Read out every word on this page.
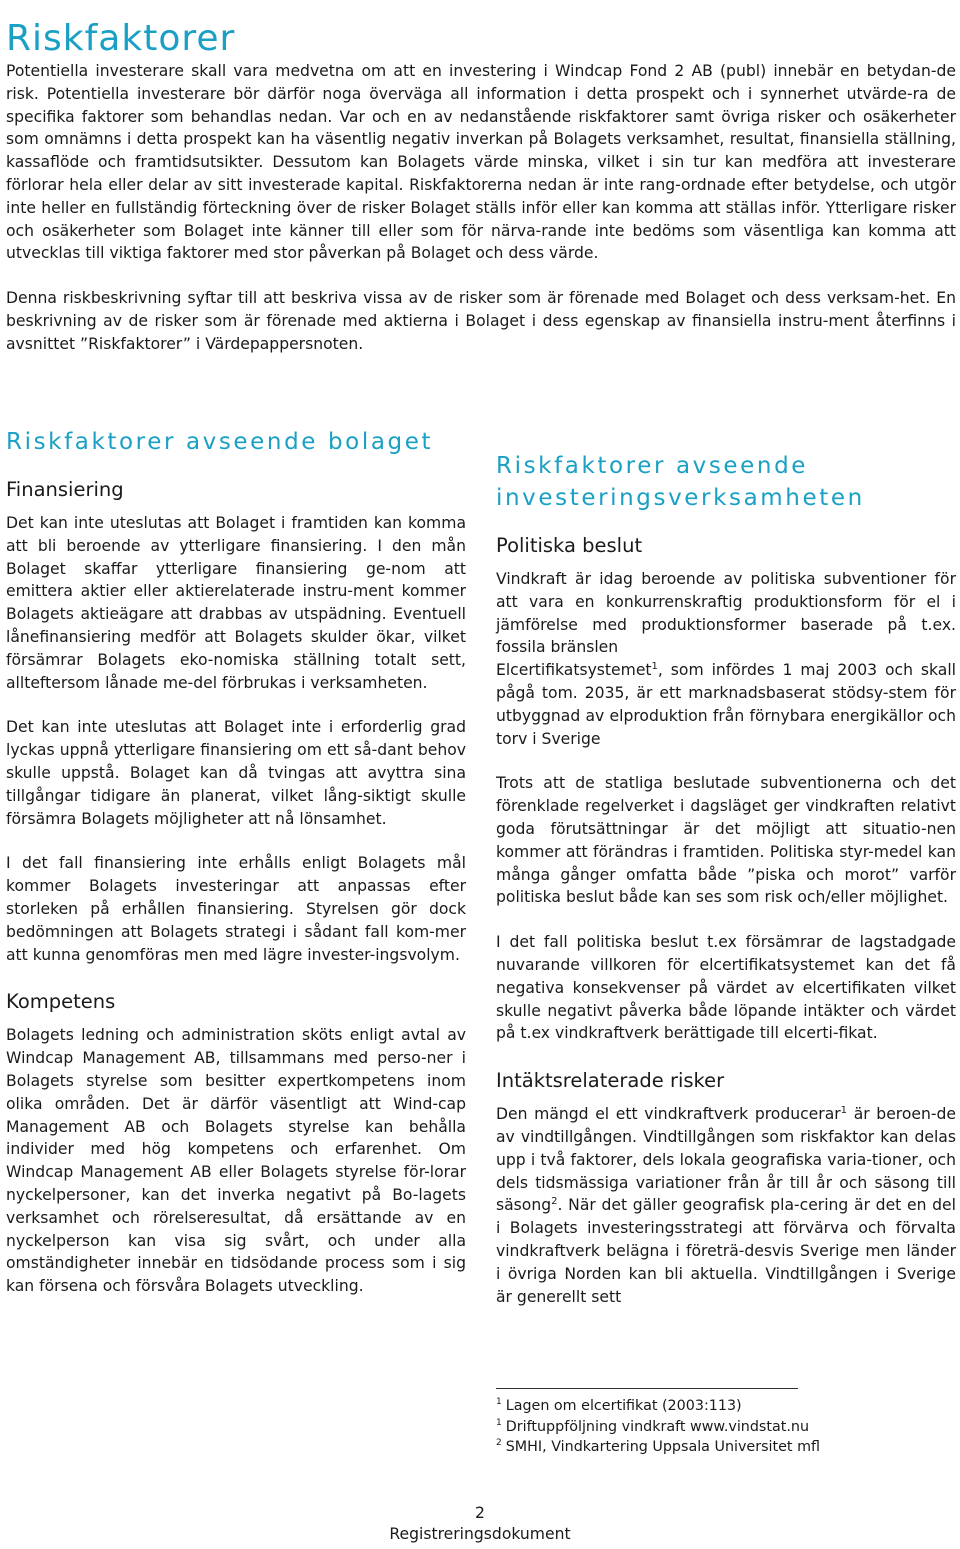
Riskfaktorer

Potentiella investerare skall vara medvetna om att en investering i Windcap Fond 2 AB (publ) innebär en betydan-de risk. Potentiella investerare bör därför noga överväga all information i detta prospekt och i synnerhet utvärde-ra de specifika faktorer som behandlas nedan. Var och en av nedanstående riskfaktorer samt övriga risker och osäkerheter som omnämns i detta prospekt kan ha väsentlig negativ inverkan på Bolagets verksamhet, resultat, finansiella ställning, kassaflöde och framtidsutsikter. Dessutom kan Bolagets värde minska, vilket i sin tur kan medföra att investerare förlorar hela eller delar av sitt investerade kapital. Riskfaktorerna nedan är inte rang-ordnade efter betydelse, och utgör inte heller en fullständig förteckning över de risker Bolaget ställs inför eller kan komma att ställas inför. Ytterligare risker och osäkerheter som Bolaget inte känner till eller som för närva-rande inte bedöms som väsentliga kan komma att utvecklas till viktiga faktorer med stor påverkan på Bolaget och dess värde.

Denna riskbeskrivning syftar till att beskriva vissa av de risker som är förenade med Bolaget och dess verksam-het. En beskrivning av de risker som är förenade med aktierna i Bolaget i dess egenskap av finansiella instru-ment återfinns i avsnittet ”Riskfaktorer” i Värdepappersnoten.

Riskfaktorer avseende bolaget
Finansiering

Det kan inte uteslutas att Bolaget i framtiden kan komma att bli beroende av ytterligare finansiering. I den mån Bolaget skaffar ytterligare finansiering ge-nom att emittera aktier eller aktierelaterade instru-ment kommer Bolagets aktieägare att drabbas av utspädning. Eventuell lånefinansiering medför att Bolagets skulder ökar, vilket försämrar Bolagets eko-nomiska ställning totalt sett, allteftersom lånade me-del förbrukas i verksamheten.

Det kan inte uteslutas att Bolaget inte i erforderlig grad lyckas uppnå ytterligare finansiering om ett så-dant behov skulle uppstå. Bolaget kan då tvingas att avyttra sina tillgångar tidigare än planerat, vilket lång-siktigt skulle försämra Bolagets möjligheter att nå lönsamhet.

I det fall finansiering inte erhålls enligt Bolagets mål kommer Bolagets investeringar att anpassas efter storleken på erhållen finansiering. Styrelsen gör dock bedömningen att Bolagets strategi i sådant fall kom-mer att kunna genomföras men med lägre invester-ingsvolym.

Kompetens

Bolagets ledning och administration sköts enligt avtal av Windcap Management AB, tillsammans med perso-ner i Bolagets styrelse som besitter expertkompetens inom olika områden. Det är därför väsentligt att Wind-cap Management AB och Bolagets styrelse kan behålla individer med hög kompetens och erfarenhet. Om Windcap Management AB eller Bolagets styrelse för-lorar nyckelpersoner, kan det inverka negativt på Bo-lagets verksamhet och rörelseresultat, då ersättande av en nyckelperson kan visa sig svårt, och under alla omständigheter innebär en tidsödande process som i sig kan försena och försvåra Bolagets utveckling.

Riskfaktorer avseende investeringsverksamheten
Politiska beslut

Vindkraft är idag beroende av politiska subventioner för att vara en konkurrenskraftig produktionsform för el i jämförelse med produktionsformer baserade på t.ex. fossila bränslen

Elcertifikatsystemet$^1$, som infördes 1 maj 2003 och skall pågå tom. 2035, är ett marknadsbaserat stödsy-stem för utbyggnad av elproduktion från förnybara energikällor och torv i Sverige

Trots att de statliga beslutade subventionerna och det förenklade regelverket i dagsläget ger vindkraften relativt goda förutsättningar är det möjligt att situatio-nen kommer att förändras i framtiden. Politiska styr-medel kan många gånger omfatta både ”piska och morot” varför politiska beslut både kan ses som risk och/eller möjlighet.

I det fall politiska beslut t.ex försämrar de lagstadgade nuvarande villkoren för elcertifikatsystemet kan det få negativa konsekvenser på värdet av elcertifikaten vilket skulle negativt påverka både löpande intäkter och värdet på t.ex vindkraftverk berättigade till elcerti-fikat.

Intäktsrelaterade risker

Den mängd el ett vindkraftverk producerar$^1$ är beroen-de av vindtillgången. Vindtillgången som riskfaktor kan delas upp i två faktorer, dels lokala geografiska varia-tioner, och dels tidsmässiga variationer från år till år och säsong till säsong$^2$. När det gäller geografisk pla-cering är det en del i Bolagets investeringsstrategi att förvärva och förvalta vindkraftverk belägna i företrä-desvis Sverige men länder i övriga Norden kan bli aktuella. Vindtillgången i Sverige är generellt sett

$^1$ Lagen om elcertifikat (2003:113)
$^1$ Driftuppföljning vindkraft www.vindstat.nu
$^2$ SMHI, Vindkartering Uppsala Universitet mfl
2
Registreringsdokument
